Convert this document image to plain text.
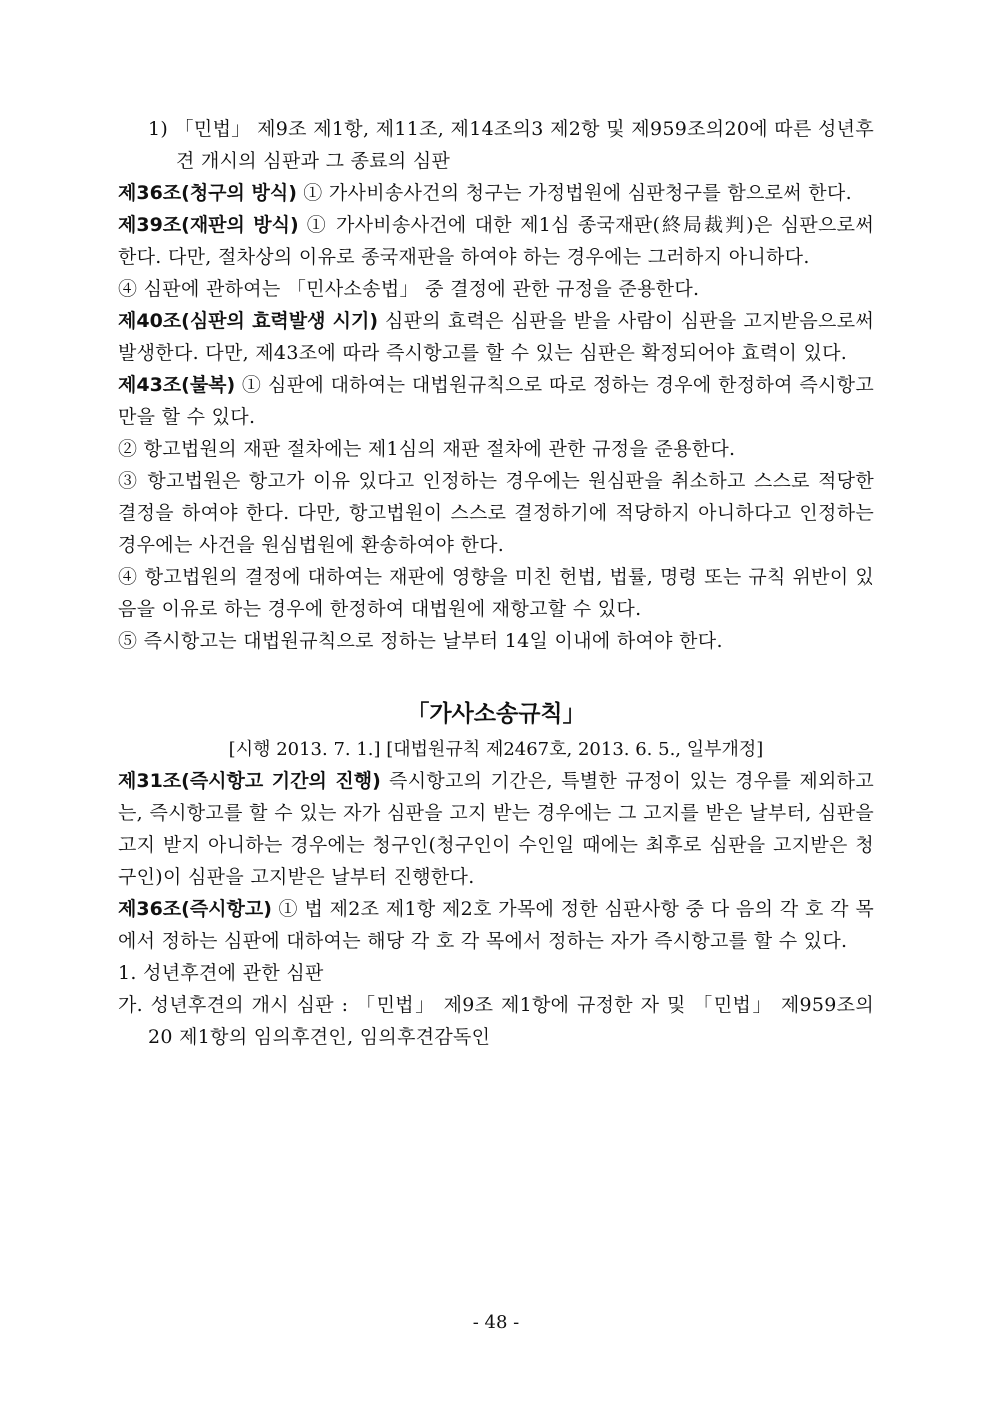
1) 「민법」 제9조 제1항, 제11조, 제14조의3 제2항 및 제959조의20에 따른 성년후견 개시의 심판과 그 종료의 심판

제36조(청구의 방식) ① 가사비송사건의 청구는 가정법원에 심판청구를 함으로써 한다.

제39조(재판의 방식) ① 가사비송사건에 대한 제1심 종국재판(終局裁判)은 심판으로써 한다. 다만, 절차상의 이유로 종국재판을 하여야 하는 경우에는 그러하지 아니하다.

④ 심판에 관하여는 「민사소송법」 중 결정에 관한 규정을 준용한다.

제40조(심판의 효력발생 시기) 심판의 효력은 심판을 받을 사람이 심판을 고지받음으로써 발생한다. 다만, 제43조에 따라 즉시항고를 할 수 있는 심판은 확정되어야 효력이 있다.

제43조(불복) ① 심판에 대하여는 대법원규칙으로 따로 정하는 경우에 한정하여 즉시항고만을 할 수 있다.

② 항고법원의 재판 절차에는 제1심의 재판 절차에 관한 규정을 준용한다.

③ 항고법원은 항고가 이유 있다고 인정하는 경우에는 원심판을 취소하고 스스로 적당한 결정을 하여야 한다. 다만, 항고법원이 스스로 결정하기에 적당하지 아니하다고 인정하는 경우에는 사건을 원심법원에 환송하여야 한다.

④ 항고법원의 결정에 대하여는 재판에 영향을 미친 헌법, 법률, 명령 또는 규칙 위반이 있음을 이유로 하는 경우에 한정하여 대법원에 재항고할 수 있다.

⑤ 즉시항고는 대법원규칙으로 정하는 날부터 14일 이내에 하여야 한다.

「가사소송규칙」

[시행 2013. 7. 1.] [대법원규칙 제2467호, 2013. 6. 5., 일부개정]

제31조(즉시항고 기간의 진행) 즉시항고의 기간은, 특별한 규정이 있는 경우를 제외하고는, 즉시항고를 할 수 있는 자가 심판을 고지 받는 경우에는 그 고지를 받은 날부터, 심판을 고지 받지 아니하는 경우에는 청구인(청구인이 수인일 때에는 최후로 심판을 고지받은 청구인)이 심판을 고지받은 날부터 진행한다.

제36조(즉시항고) ① 법 제2조 제1항 제2호 가목에 정한 심판사항 중 다 음의 각 호 각 목에서 정하는 심판에 대하여는 해당 각 호 각 목에서 정하는 자가 즉시항고를 할 수 있다.

1. 성년후견에 관한 심판

가. 성년후견의 개시 심판 : 「민법」 제9조 제1항에 규정한 자 및 「민법」 제959조의20 제1항의 임의후견인, 임의후견감독인

- 48 -
